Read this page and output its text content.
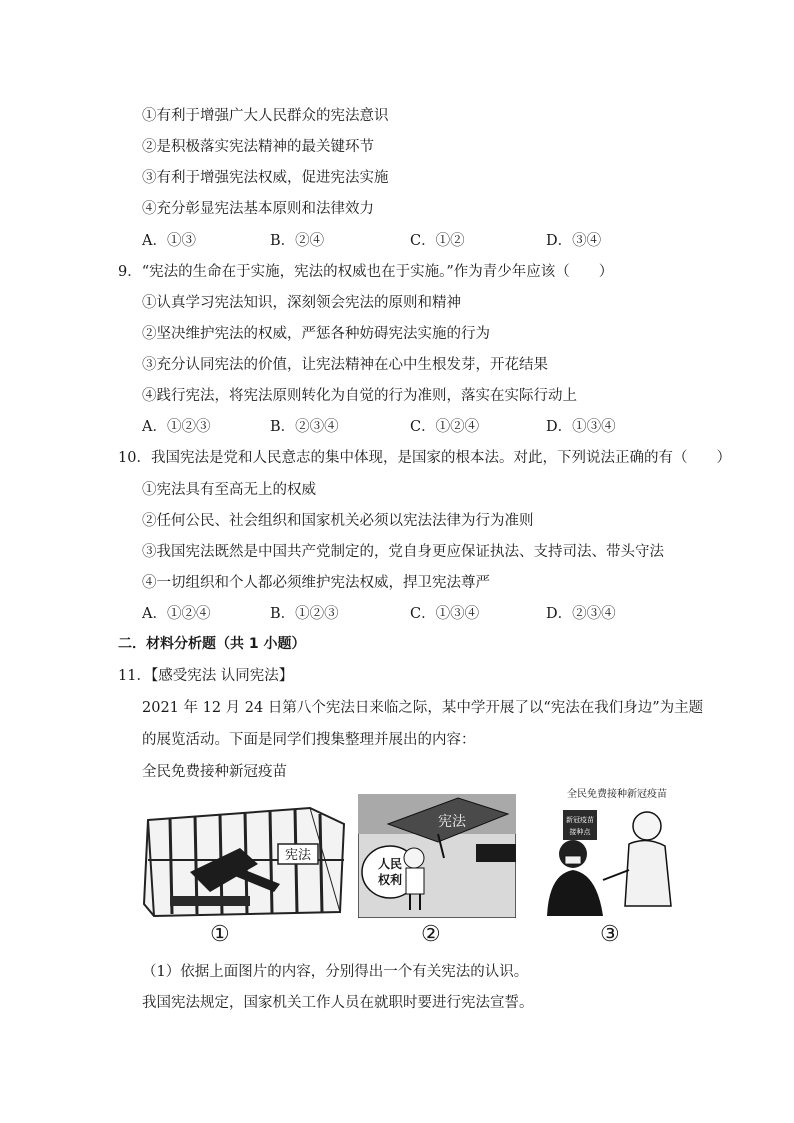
①有利于增强广大人民群众的宪法意识
②是积极落实宪法精神的最关键环节
③有利于增强宪法权威，促进宪法实施
④充分彰显宪法基本原则和法律效力
A．①③	B．②④	C．①②	D．③④
9．“宪法的生命在于实施，宪法的权威也在于实施。”作为青少年应该（　　）
①认真学习宪法知识，深刻领会宪法的原则和精神
②坚决维护宪法的权威，严惩各种妨碍宪法实施的行为
③充分认同宪法的价值，让宪法精神在心中生根发芽，开花结果
④践行宪法，将宪法原则转化为自觉的行为准则，落实在实际行动上
A．①②③	B．②③④	C．①②④	D．①③④
10．我国宪法是党和人民意志的集中体现，是国家的根本法。对此，下列说法正确的有（　　）
①宪法具有至高无上的权威
②任何公民、社会组织和国家机关必须以宪法法律为行为准则
③我国宪法既然是中国共产党制定的，党自身更应保证执法、支持司法、带头守法
④一切组织和个人都必须维护宪法权威，捍卫宪法尊严
A．①②④	B．①②③	C．①③④	D．②③④
二．材料分析题（共 1 小题）
11．【感受宪法 认同宪法】
2021 年 12 月 24 日第八个宪法日来临之际，某中学开展了以“宪法在我们身边”为主题
的展览活动。下面是同学们搜集整理并展出的内容：
全民免费接种新冠疫苗
宪法
宪法
人民
权利
全民免费接种新冠疫苗
新冠疫苗
接种点
①	②	③
（1）依据上面图片的内容，分别得出一个有关宪法的认识。
我国宪法规定，国家机关工作人员在就职时要进行宪法宣誓。
